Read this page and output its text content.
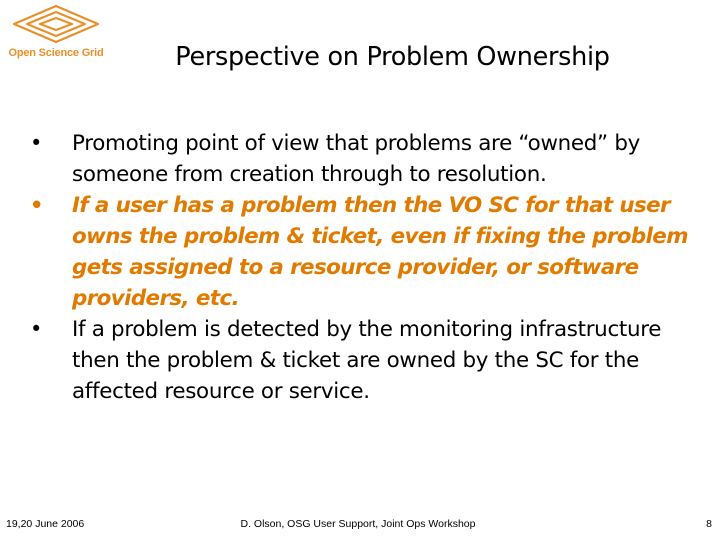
Open Science Grid	Perspective on Problem Ownership
•	Promoting point of view that problems are “owned” by someone from creation through to resolution.
•	If a user has a problem then the VO SC for that user owns the problem & ticket, even if fixing the problem gets assigned to a resource provider, or software providers, etc.
•	If a problem is detected by the monitoring infrastructure then the problem & ticket are owned by the SC for the affected resource or service.
19,20 June 2006	D. Olson, OSG User Support, Joint Ops Workshop	8
